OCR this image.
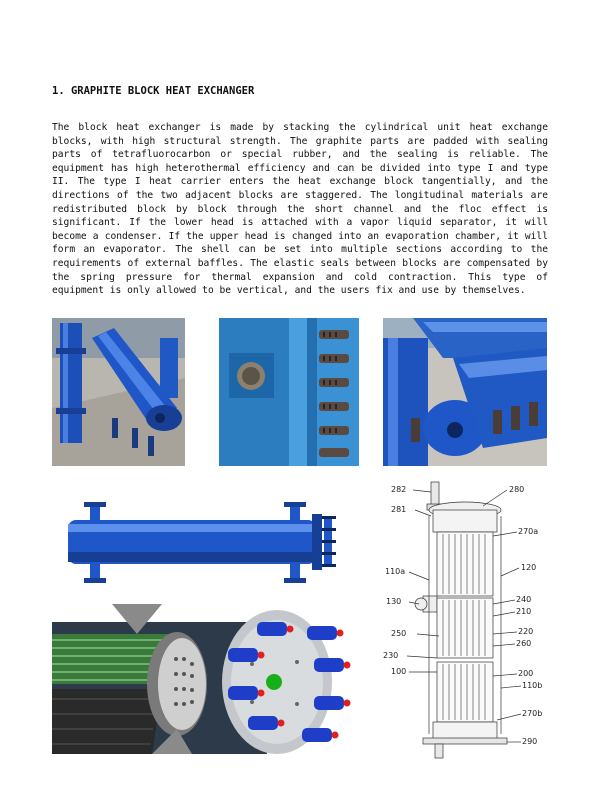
1. GRAPHITE BLOCK HEAT EXCHANGER
The block heat exchanger is made by stacking the cylindrical unit heat exchange blocks, with high structural strength. The graphite parts are padded with sealing parts of tetrafluorocarbon or special rubber, and the sealing is reliable. The equipment has high heterothermal efficiency and can be divided into type I and type II. The type I heat carrier enters the heat exchange block tangentially, and the directions of the two adjacent blocks are staggered. The longitudinal materials are redistributed block by block through the short channel and the floc effect is significant. If the lower head is attached with a vapor liquid separator, it will become a condenser. If the upper head is changed into an evaporation chamber, it will form an evaporator. The shell can be set into multiple sections according to the requirements of external baffles. The elastic seals between blocks are compensated by the spring pressure for thermal expansion and cold contraction. This type of equipment is only allowed to be vertical, and the users fix and use by themselves.
282	280
281
270a
120
110a
130	240
210
250	220
260
230
100	200
110b
270b
290
